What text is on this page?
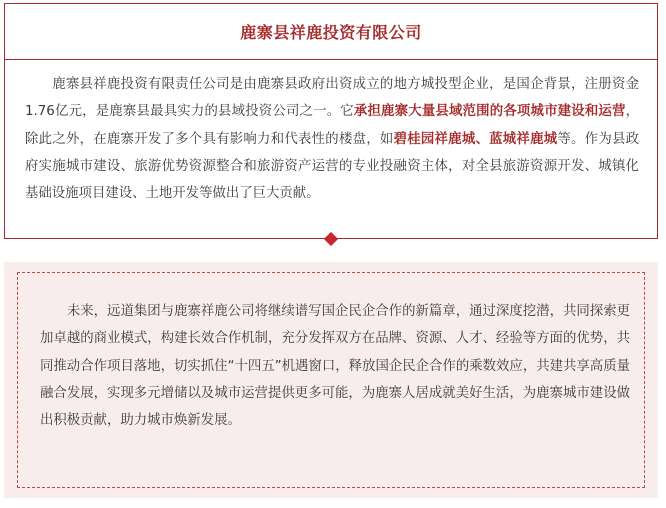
鹿寨县祥鹿投资有限公司

　　鹿寨县祥鹿投资有限责任公司是由鹿寨县政府出资成立的地方城投型企业，是国企背景，注册资金1.76亿元，是鹿寨县最具实力的县域投资公司之一。它承担鹿寨大量县域范围的各项城市建设和运营，除此之外，在鹿寨开发了多个具有影响力和代表性的楼盘，如碧桂园祥鹿城、蓝城祥鹿城等。作为县政府实施城市建设、旅游优势资源整合和旅游资产运营的专业投融资主体，对全县旅游资源开发、城镇化基础设施项目建设、土地开发等做出了巨大贡献。

　　未来，远道集团与鹿寨祥鹿公司将继续谱写国企民企合作的新篇章，通过深度挖潜，共同探索更加卓越的商业模式，构建长效合作机制，充分发挥双方在品牌、资源、人才、经验等方面的优势，共同推动合作项目落地，切实抓住“十四五”机遇窗口，释放国企民企合作的乘数效应，共建共享高质量融合发展，实现多元增储以及城市运营提供更多可能，为鹿寨人居成就美好生活，为鹿寨城市建设做出积极贡献，助力城市焕新发展。
